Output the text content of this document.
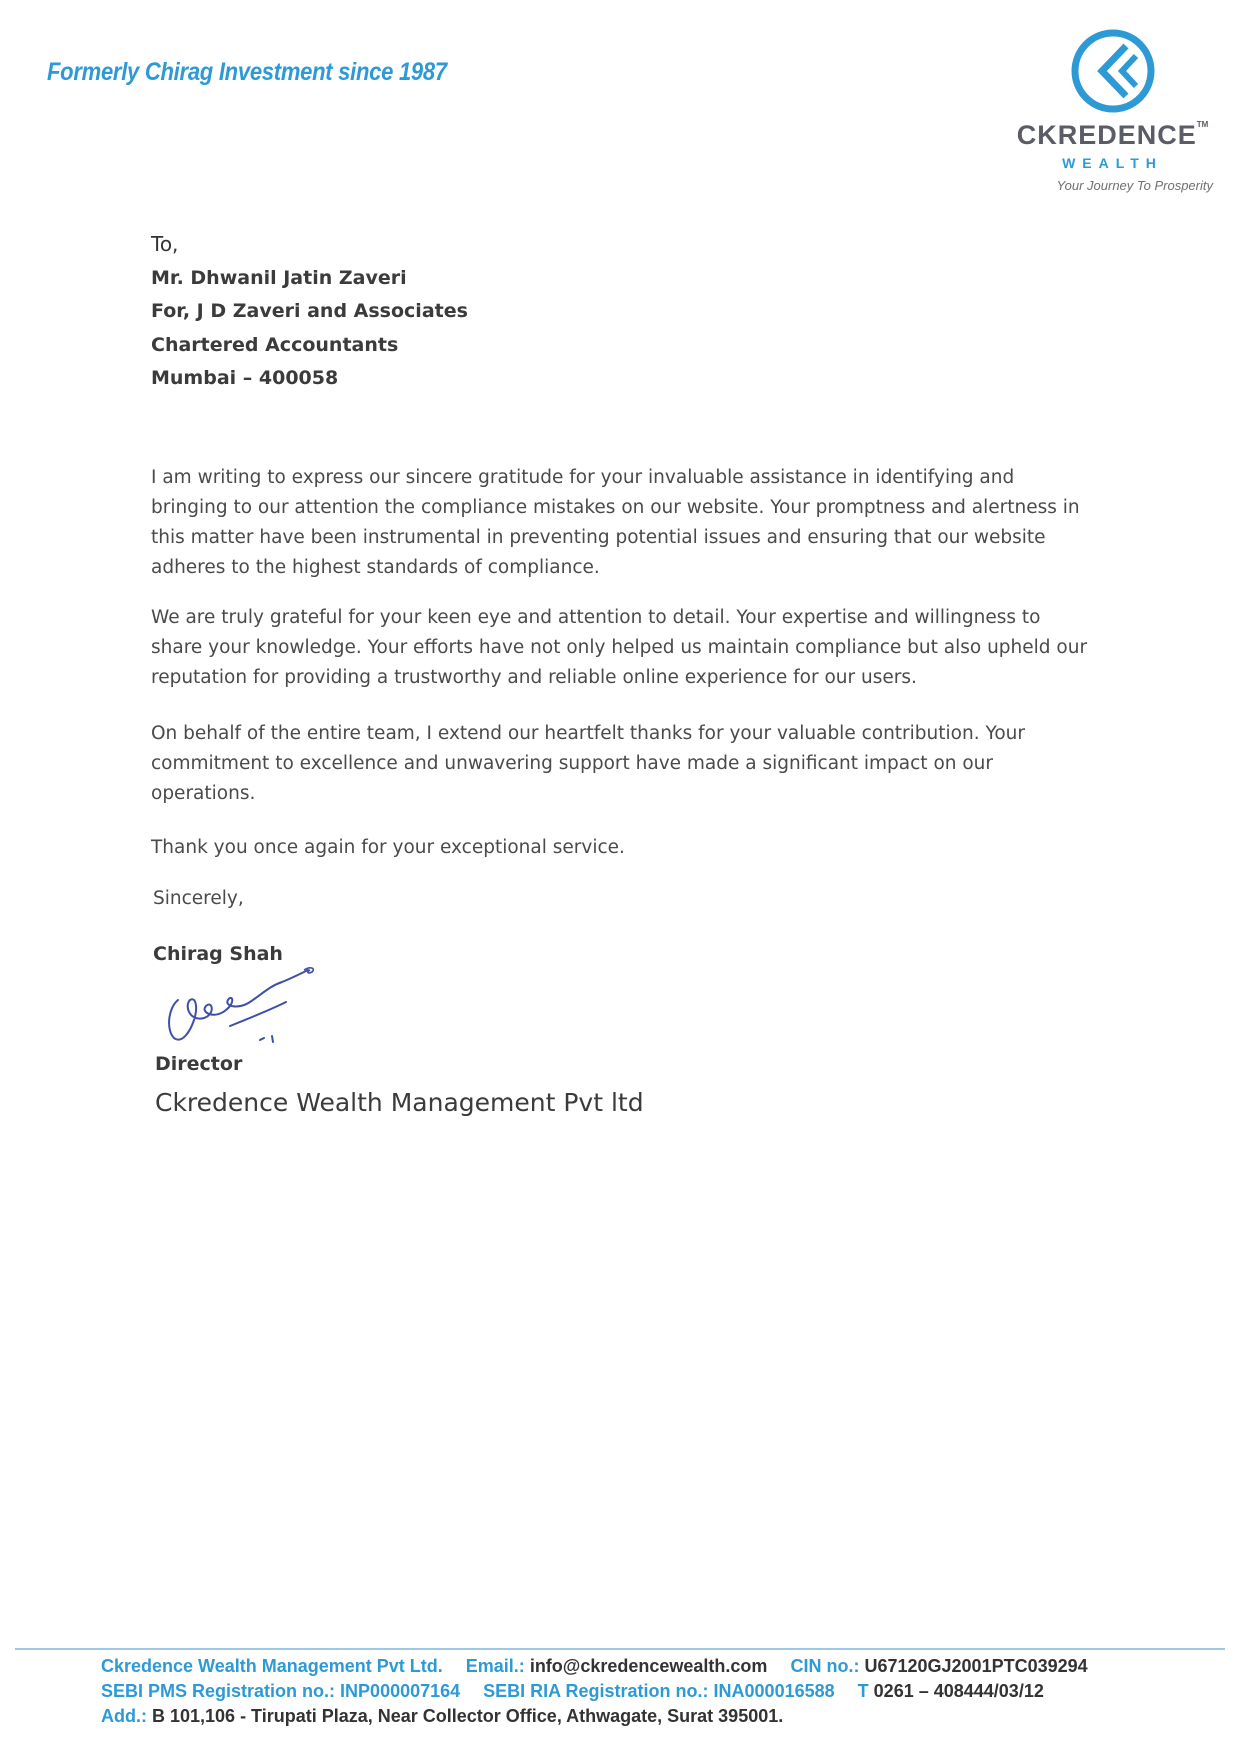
Formerly Chirag Investment since 1987
CKREDENCE™
WEALTH
Your Journey To Prosperity
To,
Mr. Dhwanil Jatin Zaveri
For, J D Zaveri and Associates
Chartered Accountants
Mumbai – 400058

I am writing to express our sincere gratitude for your invaluable assistance in identifying and bringing to our attention the compliance mistakes on our website. Your promptness and alertness in this matter have been instrumental in preventing potential issues and ensuring that our website adheres to the highest standards of compliance.

We are truly grateful for your keen eye and attention to detail. Your expertise and willingness to share your knowledge. Your efforts have not only helped us maintain compliance but also upheld our reputation for providing a trustworthy and reliable online experience for our users.

On behalf of the entire team, I extend our heartfelt thanks for your valuable contribution. Your commitment to excellence and unwavering support have made a significant impact on our operations.

Thank you once again for your exceptional service.

Sincerely,
Chirag Shah
Director
Ckredence Wealth Management Pvt ltd
Ckredence Wealth Management Pvt Ltd. Email.: info@ckredencewealth.com CIN no.: U67120GJ2001PTC039294
SEBI PMS Registration no.: INP000007164 SEBI RIA Registration no.: INA000016588 T 0261 – 408444/03/12
Add.: B 101,106 - Tirupati Plaza, Near Collector Office, Athwagate, Surat 395001.
